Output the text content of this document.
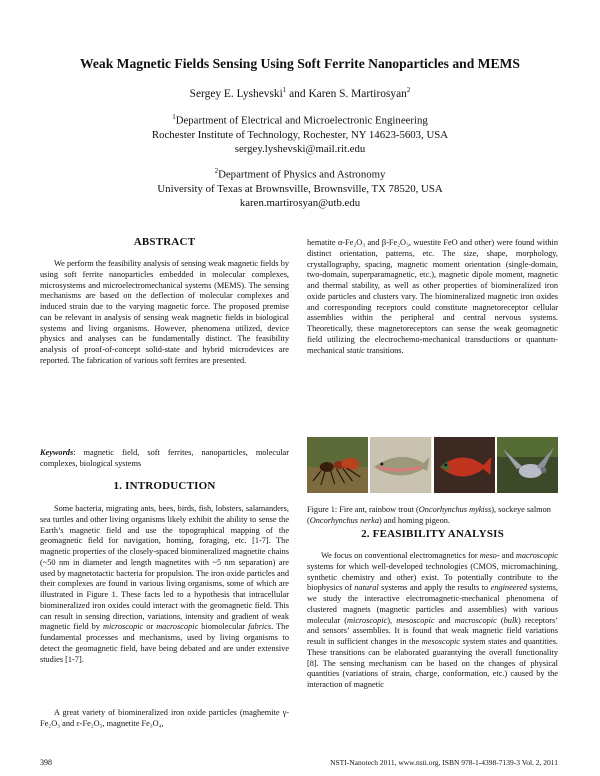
Weak Magnetic Fields Sensing Using Soft Ferrite Nanoparticles and MEMS

Sergey E. Lyshevski$^1$ and Karen S. Martirosyan$^2$

$^1$Department of Electrical and Microelectronic Engineering
Rochester Institute of Technology, Rochester, NY 14623-5603, USA
sergey.lyshevski@mail.rit.edu
$^2$Department of Physics and Astronomy
University of Texas at Brownsville, Brownsville, TX 78520, USA
karen.martirosyan@utb.edu
ABSTRACT

We perform the feasibility analysis of sensing weak magnetic fields by using soft ferrite nanoparticles embedded in molecular complexes, microsystems and microelectromechanical systems (MEMS). The sensing mechanisms are based on the deflection of molecular complexes and induced strain due to the varying magnetic force. The proposed premise can be relevant in analysis of sensing weak magnetic fields in biological systems and living organisms. However, phenomena utilized, device physics and analyses can be fundamentally distinct. The feasibility analysis of proof-of-concept solid-state and hybrid microdevices are reported. The fabrication of various soft ferrites are presented.

Keywords: magnetic field, soft ferrites, nanoparticles, molecular complexes, biological systems

1. INTRODUCTION

Some bacteria, migrating ants, bees, birds, fish, lobsters, salamanders, sea turtles and other living organisms likely exhibit the ability to sense the Earth’s magnetic field and use the topographical mapping of the geomagnetic field for navigation, homing, foraging, etc. [1-7]. The magnetic properties of the closely-spaced biomineralized magnetite chains (~50 nm in diameter and length magnetites with ~5 nm separation) are used by magnetotactic bacteria for propulsion. The iron oxide particles and their complexes are found in various living organisms, some of which are illustrated in Figure 1. These facts led to a hypothesis that intracellular biomineralized iron oxides could interact with the geomagnetic field. This can result in sensing direction, variations, intensity and gradient of weak magnetic field by microscopic or macroscopic biomolecular fabrics. The fundamental processes and mechanisms, used by living organisms to detect the geomagnetic field, have being debated and are under extensive studies [1-7].

A great variety of biomineralized iron oxide particles (maghemite γ-Fe₂O₃ and ε-Fe₂O₃, magnetite Fe₃O₄,

hematite α-Fe₂O₃ and β-Fe₂O₃, wuestite FeO and other) were found within distinct orientation, patterns, etc. The size, shape, morphology, crystallography, spacing, magnetic moment orientation (single-domain, two-domain, superparamagnetic, etc.), magnetic dipole moment, magnetic and thermal stability, as well as other properties of biomineralized iron oxide particles and clusters vary. The biomineralized magnetic iron oxides and corresponding receptors could constitute magnetoreceptor cellular assemblies within the peripheral and central nervous systems. Theoretically, these magnetoreceptors can sense the weak geomagnetic field utilizing the electrochemo-mechanical transductions or quantum-mechanical static transitions.

Figure 1: Fire ant, rainbow trout (Oncorhynchus mykiss), sockeye salmon (Oncorhynchus nerka) and homing pigeon.

2. FEASIBILITY ANALYSIS

We focus on conventional electromagnetics for meso- and macroscopic systems for which well-developed technologies (CMOS, micromachining, synthetic chemistry and other) exist. To potentially contribute to the biophysics of natural systems and apply the results to engineered systems, we study the interactive electromagnetic-mechanical phenomena of clustered magnets (magnetic particles and assemblies) with various molecular (microscopic), mesoscopic and macroscopic (bulk) receptors’ and sensors’ assemblies. It is found that weak magnetic field variations result in sufficient changes in the mesoscopic system states and quantities. These transitions can be elaborated guarantying the overall functionality [8]. The sensing mechanism can be based on the changes of physical quantities (variations of strain, charge, conformation, etc.) caused by the interaction of magnetic

398	NSTI-Nanotech 2011, www.nsti.org, ISBN 978-1-4398-7139-3 Vol. 2, 2011
